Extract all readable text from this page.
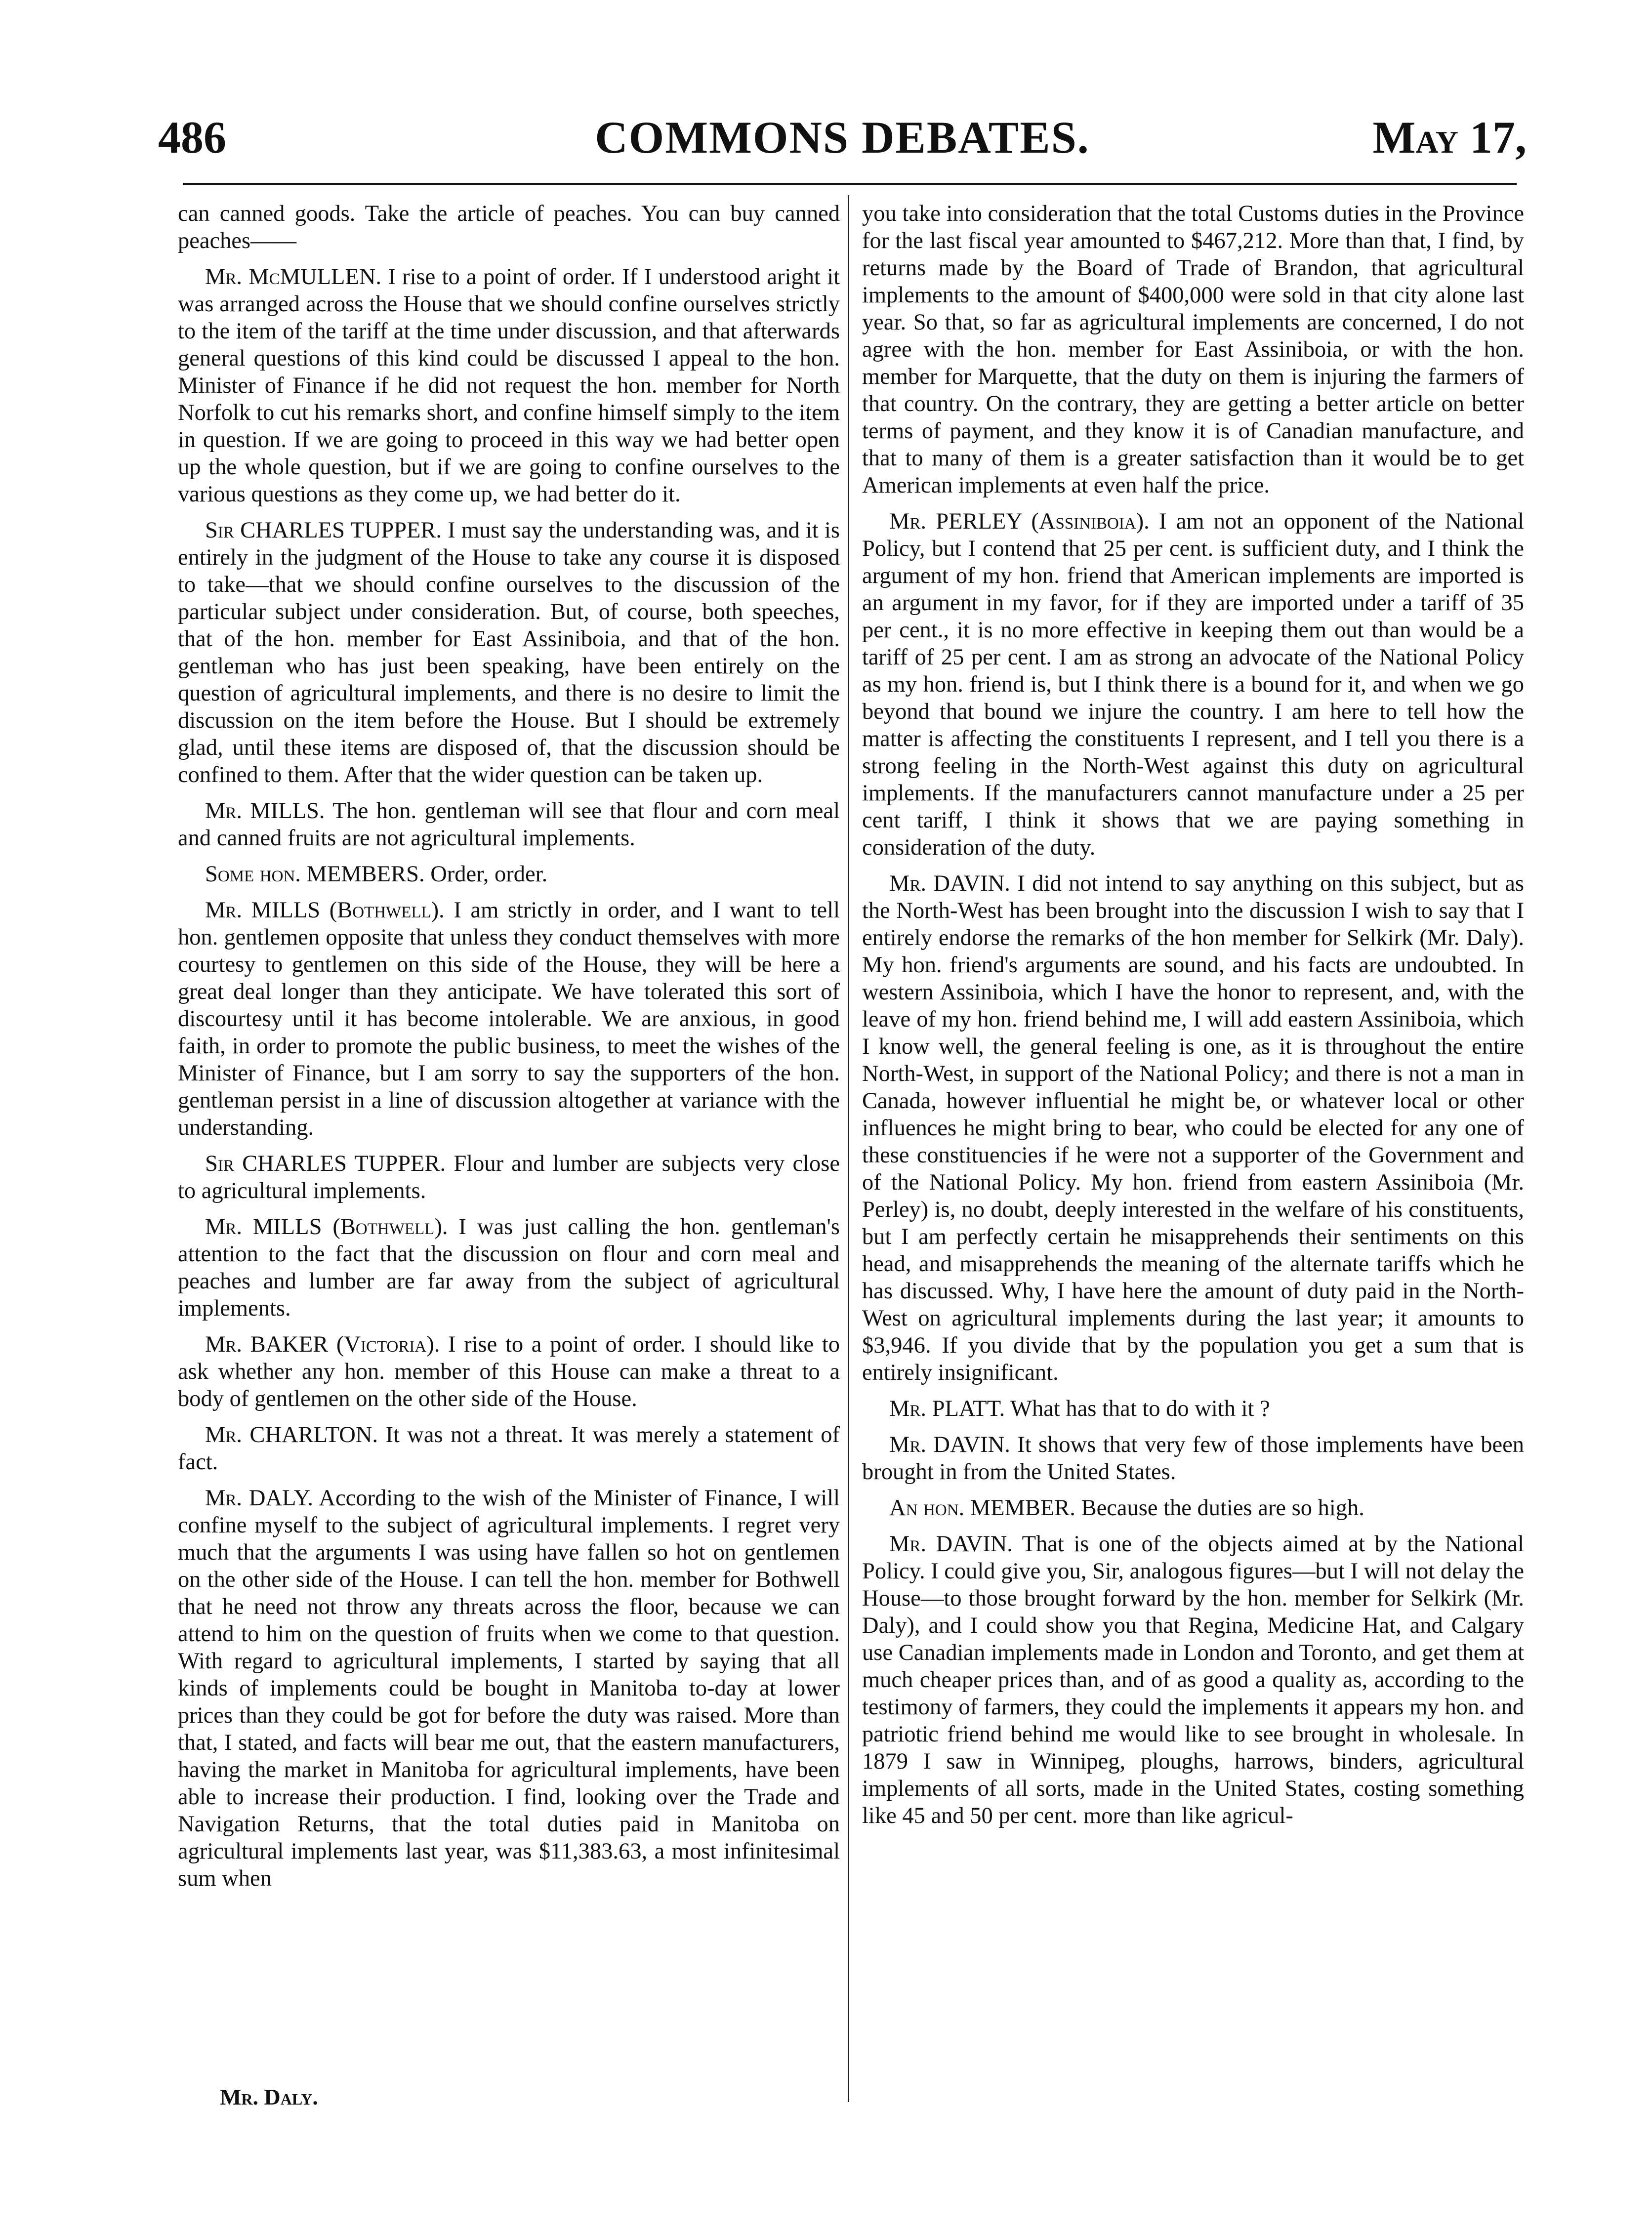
486	COMMONS DEBATES.	May 17,

can canned goods. Take the article of peaches. You can buy canned peaches——

Mr. McMULLEN. I rise to a point of order. If I understood aright it was arranged across the House that we should confine ourselves strictly to the item of the tariff at the time under discussion, and that afterwards general questions of this kind could be discussed I appeal to the hon. Minister of Finance if he did not request the hon. member for North Norfolk to cut his remarks short, and confine himself simply to the item in question. If we are going to proceed in this way we had better open up the whole question, but if we are going to confine ourselves to the various questions as they come up, we had better do it.

Sir CHARLES TUPPER. I must say the understanding was, and it is entirely in the judgment of the House to take any course it is disposed to take—that we should confine ourselves to the discussion of the particular subject under consideration. But, of course, both speeches, that of the hon. member for East Assiniboia, and that of the hon. gentleman who has just been speaking, have been entirely on the question of agricultural implements, and there is no desire to limit the discussion on the item before the House. But I should be extremely glad, until these items are disposed of, that the discussion should be confined to them. After that the wider question can be taken up.

Mr. MILLS. The hon. gentleman will see that flour and corn meal and canned fruits are not agricultural implements.

Some hon. MEMBERS. Order, order.

Mr. MILLS (Bothwell). I am strictly in order, and I want to tell hon. gentlemen opposite that unless they conduct themselves with more courtesy to gentlemen on this side of the House, they will be here a great deal longer than they anticipate. We have tolerated this sort of discourtesy until it has become intolerable. We are anxious, in good faith, in order to promote the public business, to meet the wishes of the Minister of Finance, but I am sorry to say the supporters of the hon. gentleman persist in a line of discussion altogether at variance with the understanding.

Sir CHARLES TUPPER. Flour and lumber are subjects very close to agricultural implements.

Mr. MILLS (Bothwell). I was just calling the hon. gentleman's attention to the fact that the discussion on flour and corn meal and peaches and lumber are far away from the subject of agricultural implements.

Mr. BAKER (Victoria). I rise to a point of order. I should like to ask whether any hon. member of this House can make a threat to a body of gentlemen on the other side of the House.

Mr. CHARLTON. It was not a threat. It was merely a statement of fact.

Mr. DALY. According to the wish of the Minister of Finance, I will confine myself to the subject of agricultural implements. I regret very much that the arguments I was using have fallen so hot on gentlemen on the other side of the House. I can tell the hon. member for Bothwell that he need not throw any threats across the floor, because we can attend to him on the question of fruits when we come to that question. With regard to agricultural implements, I started by saying that all kinds of implements could be bought in Manitoba to-day at lower prices than they could be got for before the duty was raised. More than that, I stated, and facts will bear me out, that the eastern manufacturers, having the market in Manitoba for agricultural implements, have been able to increase their production. I find, looking over the Trade and Navigation Returns, that the total duties paid in Manitoba on agricultural implements last year, was $11,383.63, a most infinitesimal sum when

you take into consideration that the total Customs duties in the Province for the last fiscal year amounted to $467,212. More than that, I find, by returns made by the Board of Trade of Brandon, that agricultural implements to the amount of $400,000 were sold in that city alone last year. So that, so far as agricultural implements are concerned, I do not agree with the hon. member for East Assiniboia, or with the hon. member for Marquette, that the duty on them is injuring the farmers of that country. On the contrary, they are getting a better article on better terms of payment, and they know it is of Canadian manufacture, and that to many of them is a greater satisfaction than it would be to get American implements at even half the price.

Mr. PERLEY (Assiniboia). I am not an opponent of the National Policy, but I contend that 25 per cent. is sufficient duty, and I think the argument of my hon. friend that American implements are imported is an argument in my favor, for if they are imported under a tariff of 35 per cent., it is no more effective in keeping them out than would be a tariff of 25 per cent. I am as strong an advocate of the National Policy as my hon. friend is, but I think there is a bound for it, and when we go beyond that bound we injure the country. I am here to tell how the matter is affecting the constituents I represent, and I tell you there is a strong feeling in the North-West against this duty on agricultural implements. If the manufacturers cannot manufacture under a 25 per cent tariff, I think it shows that we are paying something in consideration of the duty.

Mr. DAVIN. I did not intend to say anything on this subject, but as the North-West has been brought into the discussion I wish to say that I entirely endorse the remarks of the hon member for Selkirk (Mr. Daly). My hon. friend's arguments are sound, and his facts are undoubted. In western Assiniboia, which I have the honor to represent, and, with the leave of my hon. friend behind me, I will add eastern Assiniboia, which I know well, the general feeling is one, as it is throughout the entire North-West, in support of the National Policy; and there is not a man in Canada, however influential he might be, or whatever local or other influences he might bring to bear, who could be elected for any one of these constituencies if he were not a supporter of the Government and of the National Policy. My hon. friend from eastern Assiniboia (Mr. Perley) is, no doubt, deeply interested in the welfare of his constituents, but I am perfectly certain he misapprehends their sentiments on this head, and misapprehends the meaning of the alternate tariffs which he has discussed. Why, I have here the amount of duty paid in the North-West on agricultural implements during the last year; it amounts to $3,946. If you divide that by the population you get a sum that is entirely insignificant.

Mr. PLATT. What has that to do with it ?

Mr. DAVIN. It shows that very few of those implements have been brought in from the United States.

An hon. MEMBER. Because the duties are so high.

Mr. DAVIN. That is one of the objects aimed at by the National Policy. I could give you, Sir, analogous figures—but I will not delay the House—to those brought forward by the hon. member for Selkirk (Mr. Daly), and I could show you that Regina, Medicine Hat, and Calgary use Canadian implements made in London and Toronto, and get them at much cheaper prices than, and of as good a quality as, according to the testimony of farmers, they could the implements it appears my hon. and patriotic friend behind me would like to see brought in wholesale. In 1879 I saw in Winnipeg, ploughs, harrows, binders, agricultural implements of all sorts, made in the United States, costing something like 45 and 50 per cent. more than like agricul-

Mr. Daly.
